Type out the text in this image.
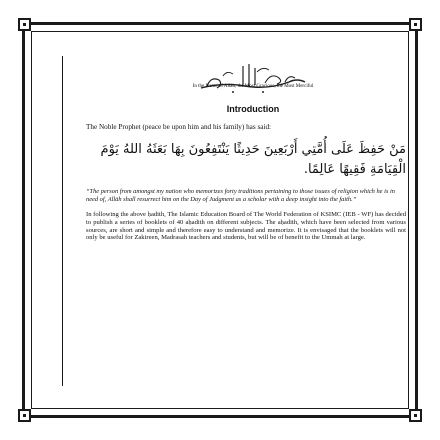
In the Name of Allāh, the Most Gracious, the Most Merciful
Introduction
The Noble Prophet (peace be upon him and his family) has said:
مَنْ حَفِظَ عَلَى أُمَّتِي أَرْبَعِينَ حَدِيثًا يَنْتَفِعُونَ بِهَا بَعَثَهُ اللهُ يَوْمَ الْقِيَامَةِ فَقِيهًا عَالِمًا.
“The person from amongst my nation who memorizes forty traditions pertaining to those issues of religion which he is in need of, Allāh shall resurrect him on the Day of Judgment as a scholar with a deep insight into the faith.”
In following the above ḥadith, The Islamic Education Board of The World Federation of KSIMC (IEB - WF) has decided to publish a series of booklets of 40 aḥadith on different subjects. The aḥadith, which have been selected from various sources, are short and simple and therefore easy to understand and memorize. It is envisaged that the booklets will not only be useful for Zakireen, Madrasah teachers and students, but will be of benefit to the Ummah at large.
